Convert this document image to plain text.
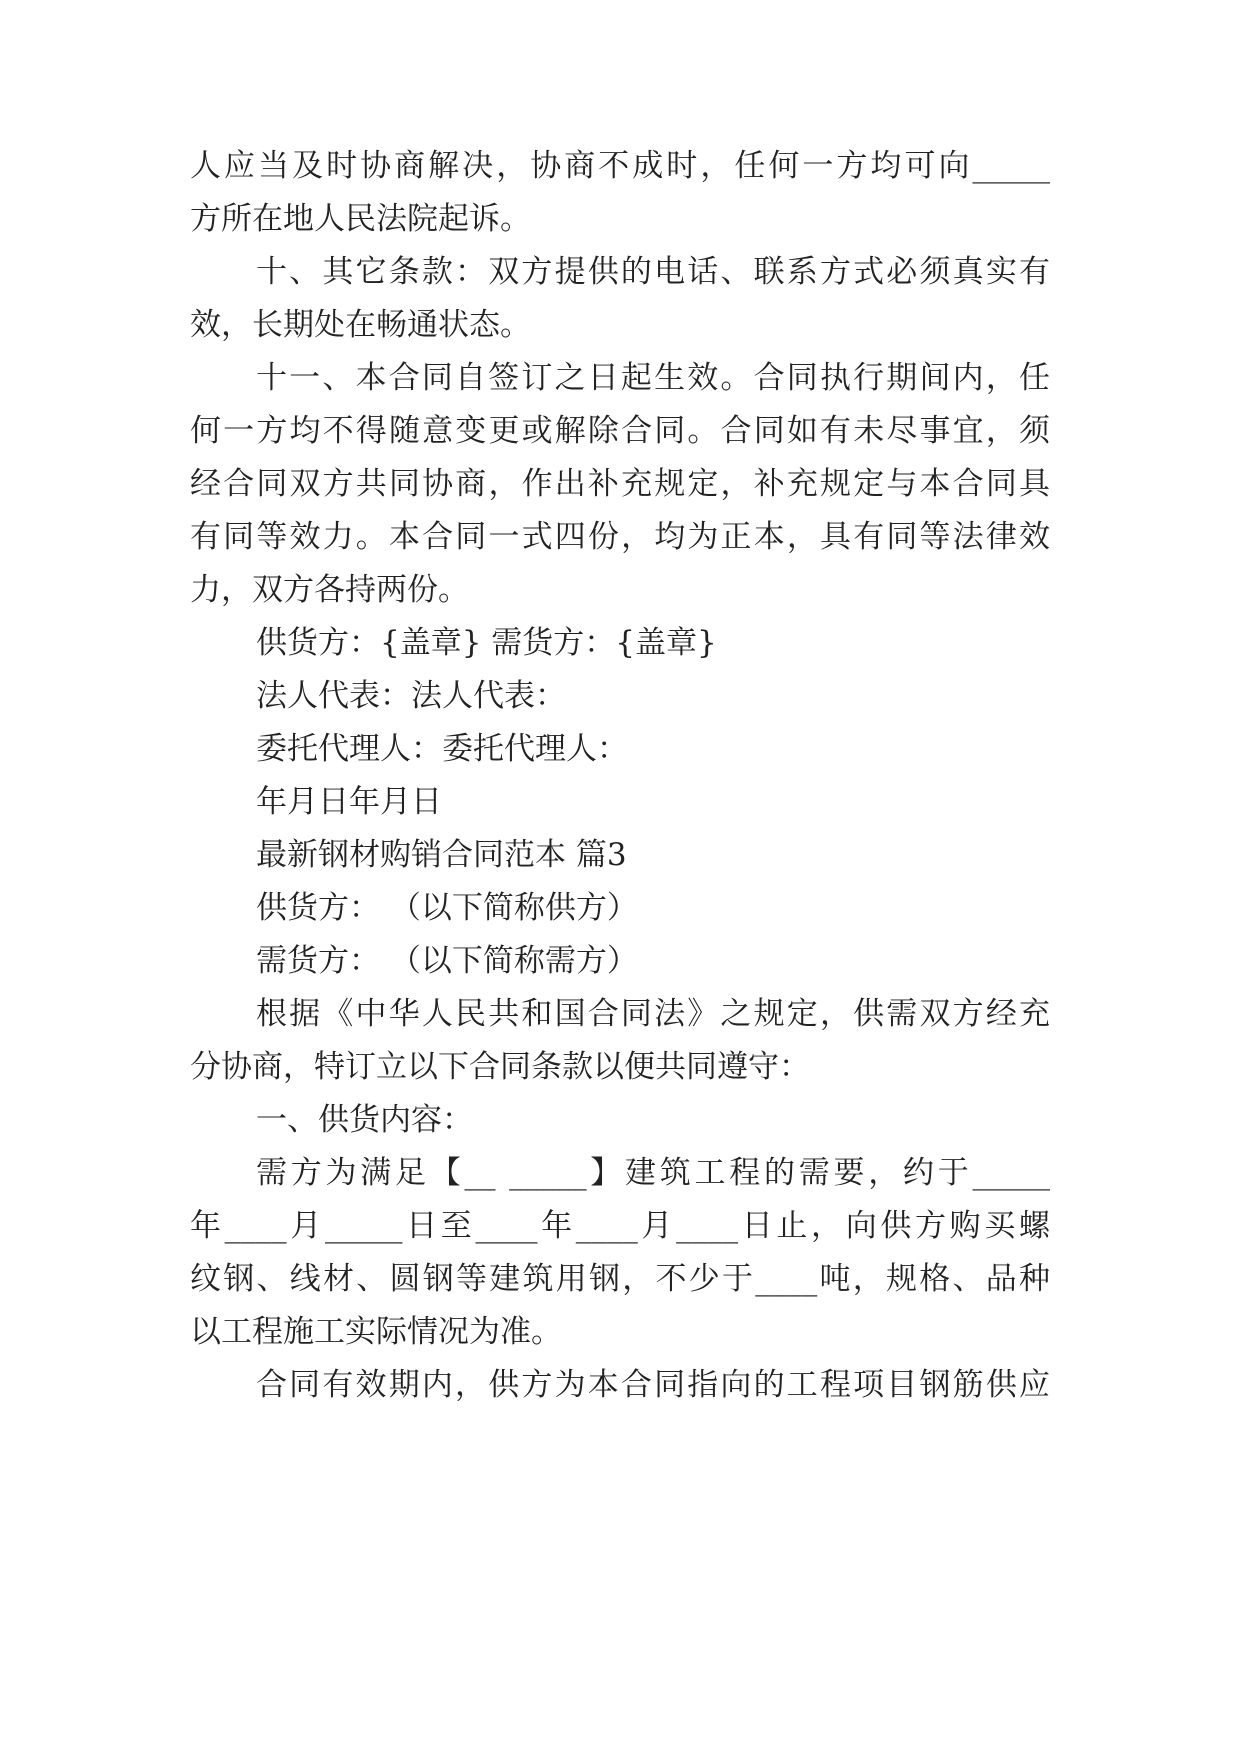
人应当及时协商解决，协商不成时，任何一方均可向_____
方所在地人民法院起诉。
十、其它条款：双方提供的电话、联系方式必须真实有
效，长期处在畅通状态。
十一、本合同自签订之日起生效。合同执行期间内，任
何一方均不得随意变更或解除合同。合同如有未尽事宜，须
经合同双方共同协商，作出补充规定，补充规定与本合同具
有同等效力。本合同一式四份，均为正本，具有同等法律效
力，双方各持两份。
供货方：{盖章} 需货方：{盖章}
法人代表：法人代表：
委托代理人：委托代理人：
年月日年月日
最新钢材购销合同范本 篇3
供货方： （以下简称供方）
需货方： （以下简称需方）
根据《中华人民共和国合同法》之规定，供需双方经充
分协商，特订立以下合同条款以便共同遵守：
一、供货内容：
需方为满足【__ _____】建筑工程的需要，约于_____
年____月_____日至____年____月____日止，向供方购买螺
纹钢、线材、圆钢等建筑用钢，不少于____吨，规格、品种
以工程施工实际情况为准。
合同有效期内，供方为本合同指向的工程项目钢筋供应
